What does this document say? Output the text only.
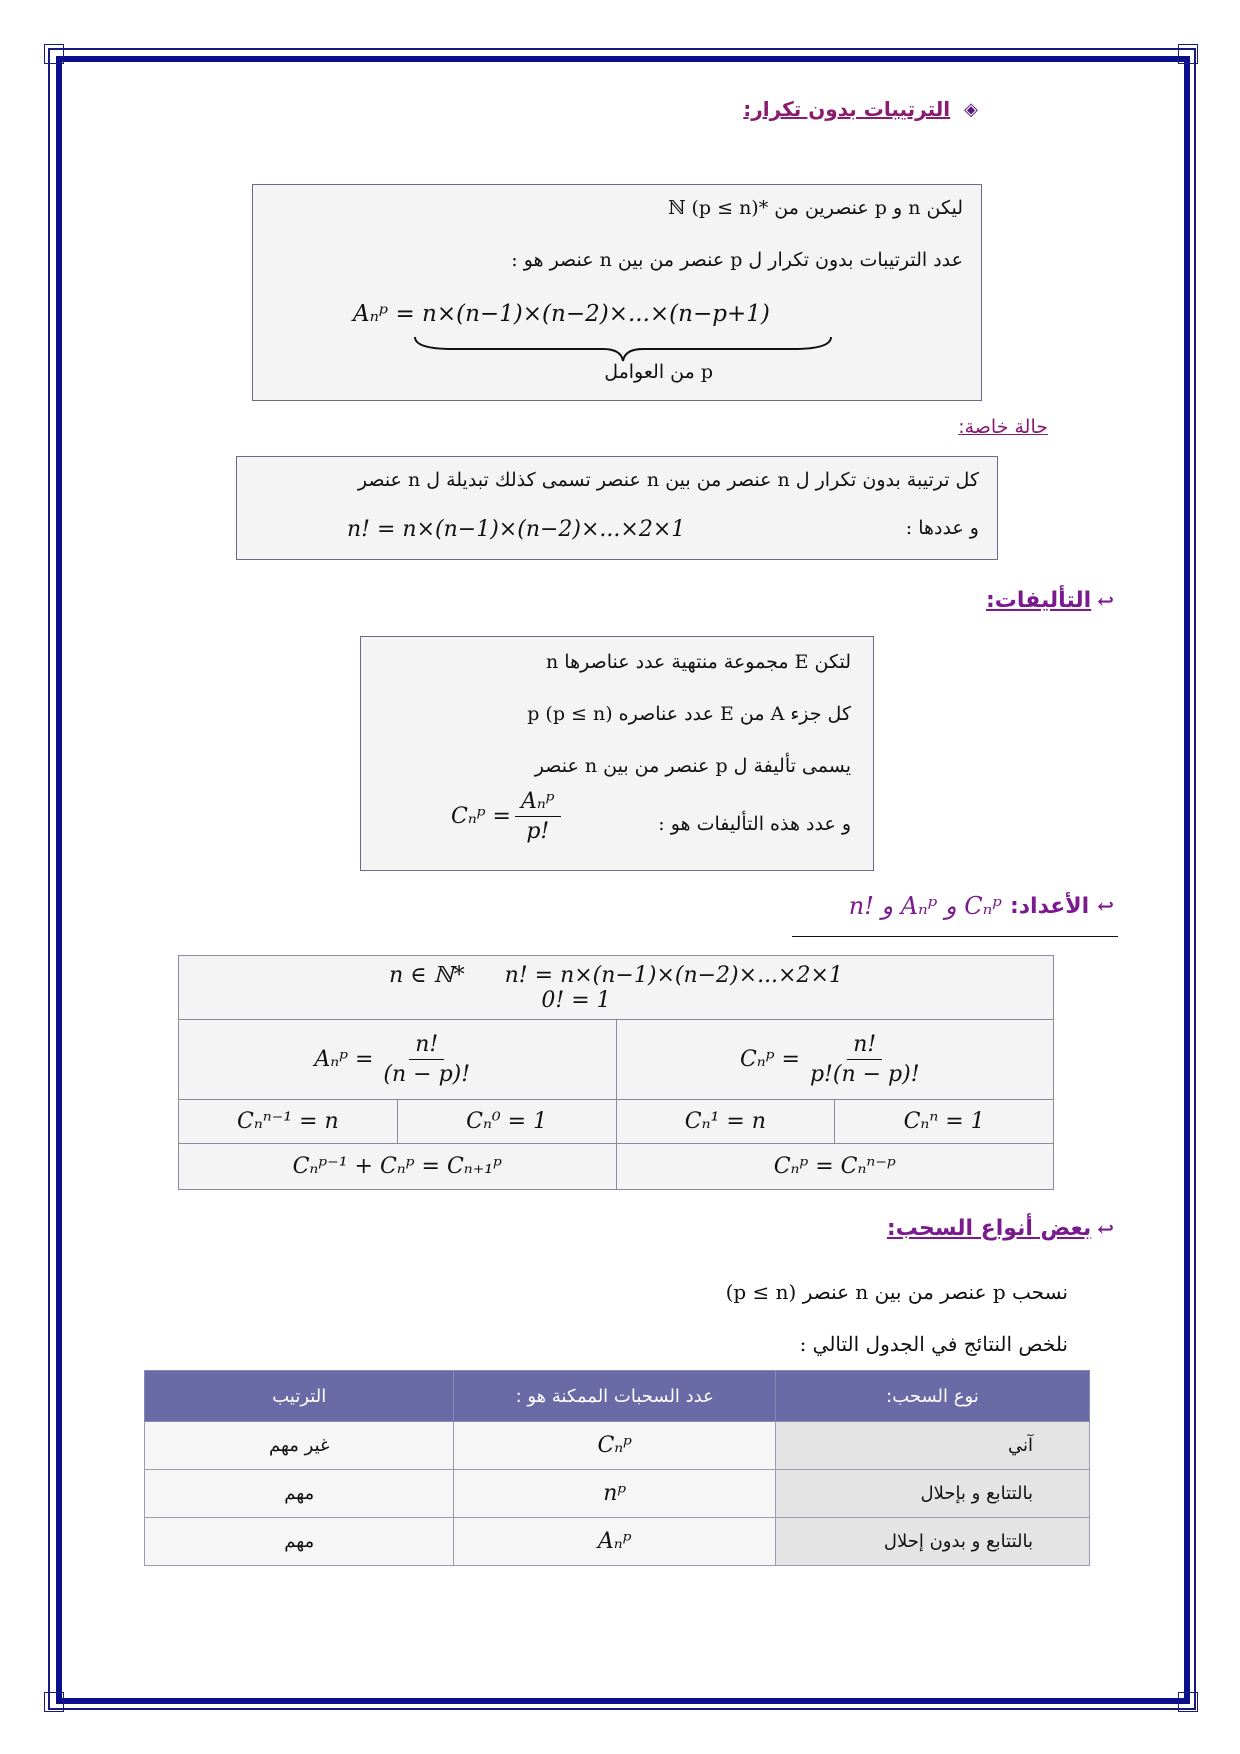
◈
الترتيبات بدون تكرار:
ليكن n و p عنصرين من *ℕ (p ≤ n)
عدد الترتيبات بدون تكرار ل p عنصر من بين n عنصر هو :
Aₙᵖ = n×(n−1)×(n−2)×...×(n−p+1)
p من العوامل
حالة خاصة:
كل ترتيبة بدون تكرار ل n عنصر من بين n عنصر تسمى كذلك تبديلة ل n عنصر
و عددها :
n! = n×(n−1)×(n−2)×...×2×1
↩
التأليفات:
لتكن E مجموعة منتهية عدد عناصرها n
كل جزء A من E عدد عناصره p (p ≤ n)
يسمى تأليفة ل p عنصر من بين n عنصر
و عدد هذه التأليفات هو :
Cₙᵖ = $\frac{\text{Aₙᵖ}}{p!}$
↩
الأعداد:
n! و Aₙᵖ و Cₙᵖ
n ∈ ℕ* n! = n×(n−1)×(n−2)×...×2×1
0! = 1			

Aₙᵖ = $\frac{n!}{(n - p)!}$		Cₙᵖ = $\frac{n!}{p!(n - p)!}$

Cₙⁿ⁻¹ = n	Cₙ⁰ = 1	Cₙ¹ = n	Cₙⁿ = 1
Cₙᵖ⁻¹ + Cₙᵖ = Cₙ₊₁ᵖ		Cₙᵖ = Cₙⁿ⁻ᵖ	
↩
بعض أنواع السحب:
نسحب p عنصر من بين n عنصر (p ≤ n)
نلخص النتائج في الجدول التالي :
نوع السحب:	عدد السحبات الممكنة هو :	الترتيب
آني	Cₙᵖ	غير مهم
بالتتابع و بإحلال	nᵖ	مهم
بالتتابع و بدون إحلال	Aₙᵖ	مهم
